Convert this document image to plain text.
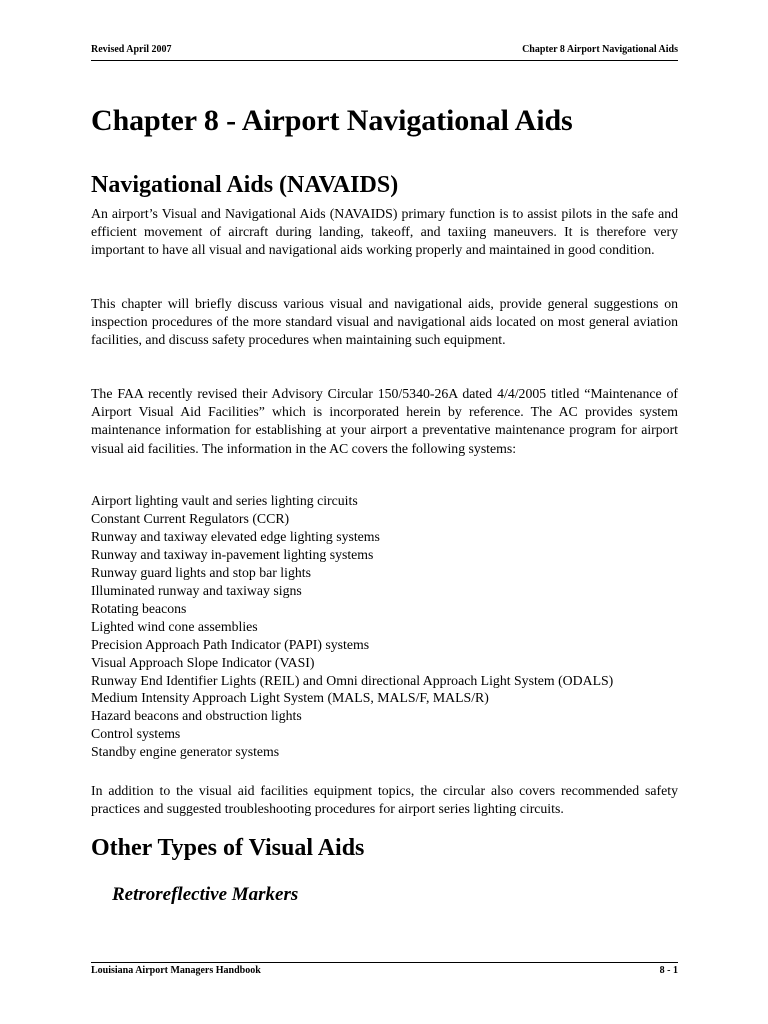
Revised April 2007	Chapter 8 Airport Navigational Aids
Chapter 8 - Airport Navigational Aids
Navigational Aids (NAVAIDS)

An airport’s Visual and Navigational Aids (NAVAIDS) primary function is to assist pilots in the safe and efficient movement of aircraft during landing, takeoff, and taxiing maneuvers. It is therefore very important to have all visual and navigational aids working properly and maintained in good condition.

This chapter will briefly discuss various visual and navigational aids, provide general suggestions on inspection procedures of the more standard visual and navigational aids located on most general aviation facilities, and discuss safety procedures when maintaining such equipment.

The FAA recently revised their Advisory Circular 150/5340-26A dated 4/4/2005 titled “Maintenance of Airport Visual Aid Facilities” which is incorporated herein by reference. The AC provides system maintenance information for establishing at your airport a preventative maintenance program for airport visual aid facilities. The information in the AC covers the following systems:

Airport lighting vault and series lighting circuits
Constant Current Regulators (CCR)
Runway and taxiway elevated edge lighting systems
Runway and taxiway in-pavement lighting systems
Runway guard lights and stop bar lights
Illuminated runway and taxiway signs
Rotating beacons
Lighted wind cone assemblies
Precision Approach Path Indicator (PAPI) systems
Visual Approach Slope Indicator (VASI)
Runway End Identifier Lights (REIL) and Omni directional Approach Light System (ODALS)
Medium Intensity Approach Light System (MALS, MALS/F, MALS/R)
Hazard beacons and obstruction lights
Control systems
Standby engine generator systems

In addition to the visual aid facilities equipment topics, the circular also covers recommended safety practices and suggested troubleshooting procedures for airport series lighting circuits.

Other Types of Visual Aids
Retroreflective Markers
Louisiana Airport Managers Handbook	8 - 1
